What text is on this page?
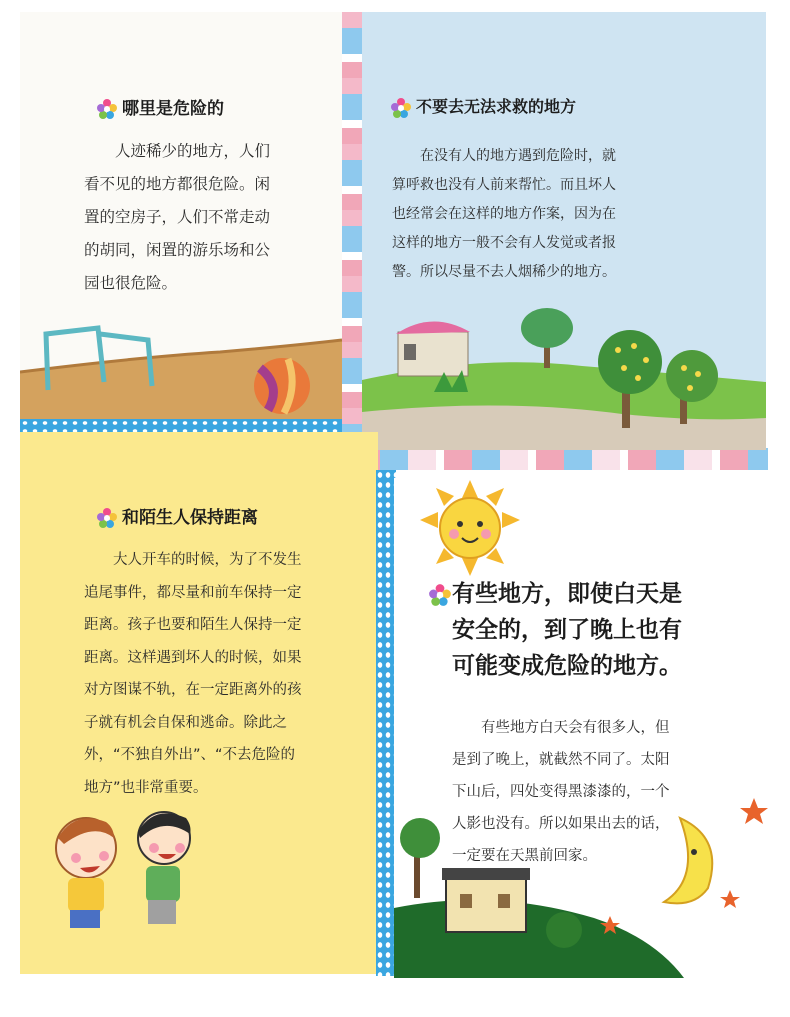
哪里是危险的

人迹稀少的地方，人们

看不见的地方都很危险。闲
置的空房子，人们不常走动
的胡同，闲置的游乐场和公
园也很危险。
不要去无法求救的地方

在没有人的地方遇到危险时，就

算呼救也没有人前来帮忙。而且坏人
也经常会在这样的地方作案，因为在
这样的地方一般不会有人发觉或者报
警。所以尽量不去人烟稀少的地方。
和陌生人保持距离

大人开车的时候，为了不发生

追尾事件，都尽量和前车保持一定
距离。孩子也要和陌生人保持一定
距离。这样遇到坏人的时候，如果
对方图谋不轨，在一定距离外的孩
子就有机会自保和逃命。除此之
外，“不独自外出”、“不去危险的
地方”也非常重要。
有些地方，即使白天是
安全的，到了晚上也有
可能变成危险的地方。

有些地方白天会有很多人，但

是到了晚上，就截然不同了。太阳
下山后，四处变得黑漆漆的，一个
人影也没有。所以如果出去的话，
一定要在天黑前回家。
